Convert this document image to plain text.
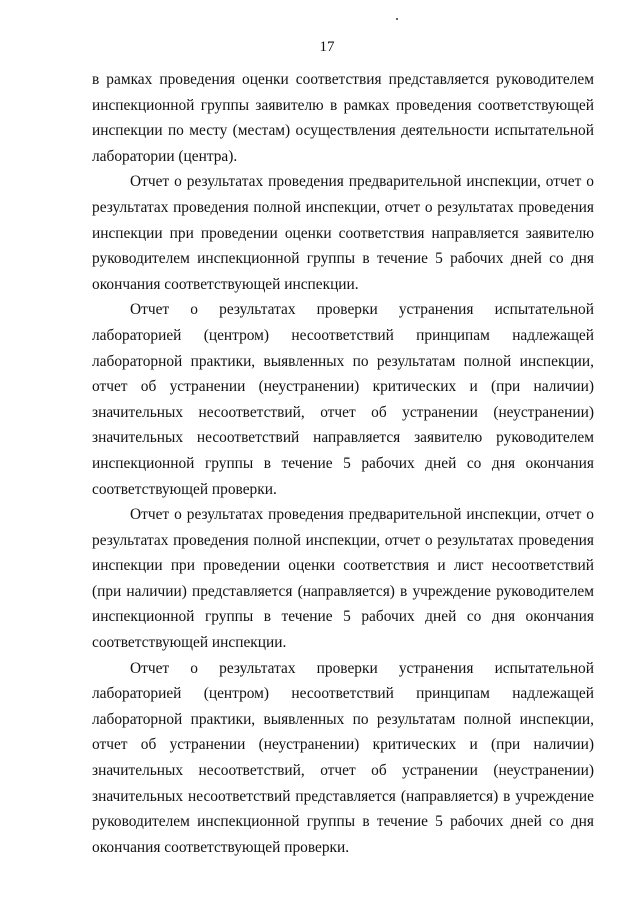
17

в рамках проведения оценки соответствия представляется руководителем инспекционной группы заявителю в рамках проведения соответствующей инспекции по месту (местам) осуществления деятельности испытательной лаборатории (центра).

Отчет о результатах проведения предварительной инспекции, отчет о результатах проведения полной инспекции, отчет о результатах проведения инспекции при проведении оценки соответствия направляется заявителю руководителем инспекционной группы в течение 5 рабочих дней со дня окончания соответствующей инспекции.

Отчет о результатах проверки устранения испытательной лабораторией (центром) несоответствий принципам надлежащей лабораторной практики, выявленных по результатам полной инспекции, отчет об устранении (неустранении) критических и (при наличии) значительных несоответствий, отчет об устранении (неустранении) значительных несоответствий направляется заявителю руководителем инспекционной группы в течение 5 рабочих дней со дня окончания соответствующей проверки.

Отчет о результатах проведения предварительной инспекции, отчет о результатах проведения полной инспекции, отчет о результатах проведения инспекции при проведении оценки соответствия и лист несоответствий (при наличии) представляется (направляется) в учреждение руководителем инспекционной группы в течение 5 рабочих дней со дня окончания соответствующей инспекции.

Отчет о результатах проверки устранения испытательной лабораторией (центром) несоответствий принципам надлежащей лабораторной практики, выявленных по результатам полной инспекции, отчет об устранении (неустранении) критических и (при наличии) значительных несоответствий, отчет об устранении (неустранении) значительных несоответствий представляется (направляется) в учреждение руководителем инспекционной группы в течение 5 рабочих дней со дня окончания соответствующей проверки.
